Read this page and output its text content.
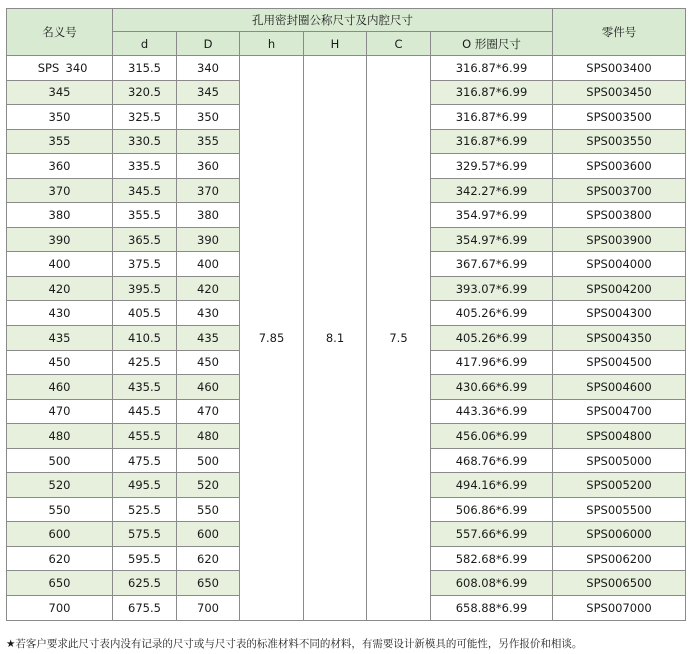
名义号	孔用密封圈公称尺寸及内腔尺寸						零件号
	d	D	h	H	C	O 形圈尺寸	
SPS 340	315.5	340	7.85	8.1	7.5	316.87*6.99	SPS003400
345	320.5	345				316.87*6.99	SPS003450
350	325.5	350				316.87*6.99	SPS003500
355	330.5	355				316.87*6.99	SPS003550
360	335.5	360				329.57*6.99	SPS003600
370	345.5	370				342.27*6.99	SPS003700
380	355.5	380				354.97*6.99	SPS003800
390	365.5	390				354.97*6.99	SPS003900
400	375.5	400				367.67*6.99	SPS004000
420	395.5	420				393.07*6.99	SPS004200
430	405.5	430				405.26*6.99	SPS004300
435	410.5	435				405.26*6.99	SPS004350
450	425.5	450				417.96*6.99	SPS004500
460	435.5	460				430.66*6.99	SPS004600
470	445.5	470				443.36*6.99	SPS004700
480	455.5	480				456.06*6.99	SPS004800
500	475.5	500				468.76*6.99	SPS005000
520	495.5	520				494.16*6.99	SPS005200
550	525.5	550				506.86*6.99	SPS005500
600	575.5	600				557.66*6.99	SPS006000
620	595.5	620				582.68*6.99	SPS006200
650	625.5	650				608.08*6.99	SPS006500
700	675.5	700				658.88*6.99	SPS007000
★若客户要求此尺寸表内没有记录的尺寸或与尺寸表的标准材料不同的材料，有需要设计新模具的可能性，另作报价和相谈。
